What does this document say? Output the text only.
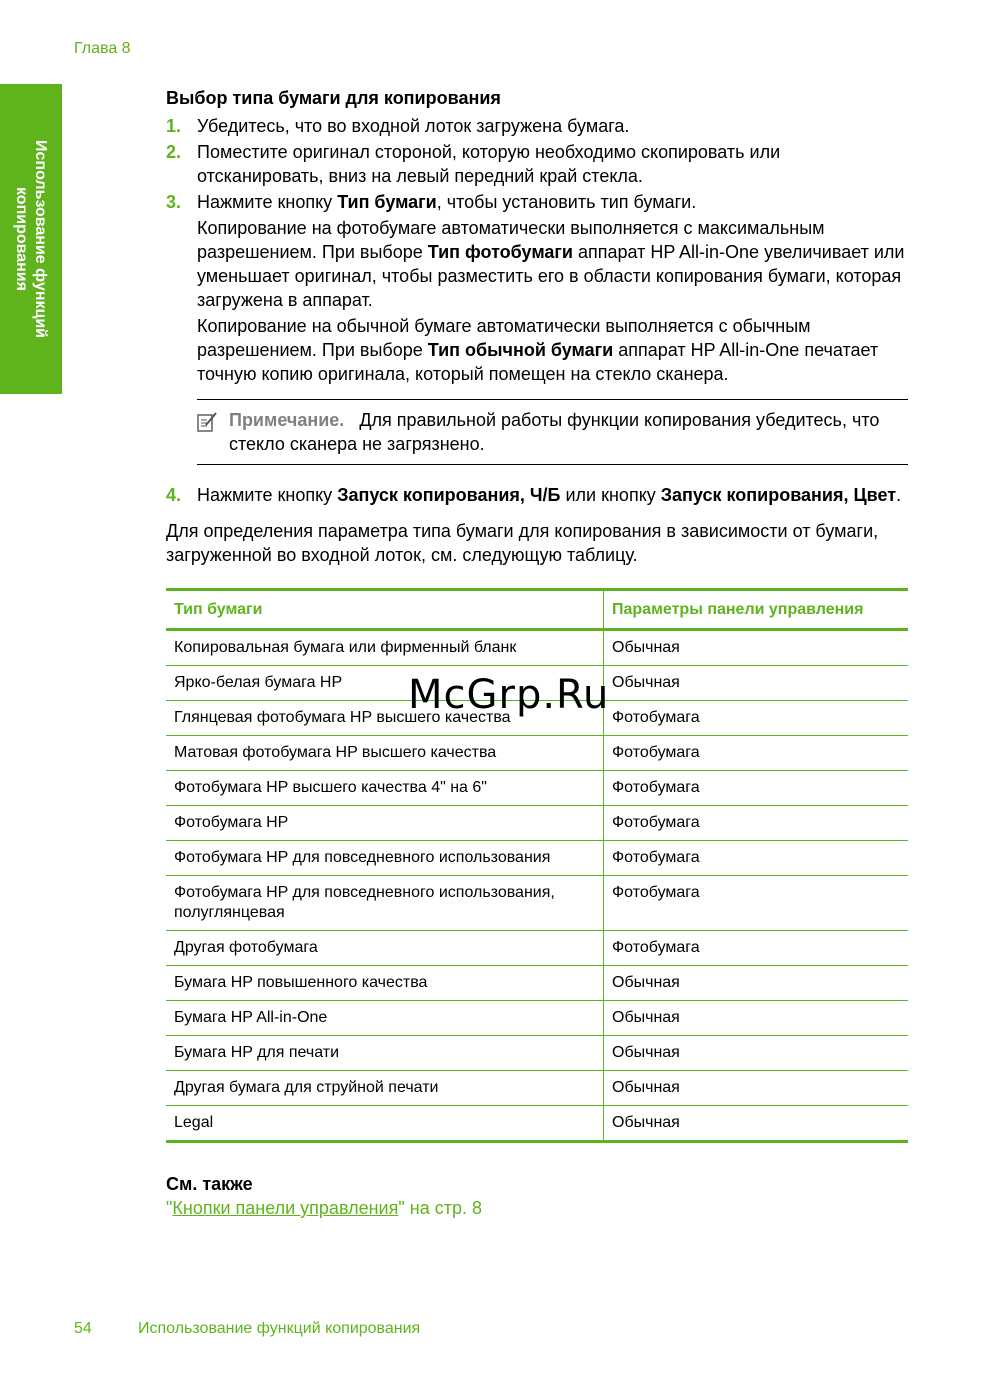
Глава 8
Использование функций
копирования
Выбор типа бумаги для копирования
1. Убедитесь, что во входной лоток загружена бумага.

2. Поместите оригинал стороной, которую необходимо скопировать или отсканировать, вниз на левый передний край стекла.

3. Нажмите кнопку Тип бумаги, чтобы установить тип бумаги.

Копирование на фотобумаге автоматически выполняется с максимальным разрешением. При выборе Тип фотобумаги аппарат HP All-in-One увеличивает или уменьшает оригинал, чтобы разместить его в области копирования бумаги, которая загружена в аппарат.

Копирование на обычной бумаге автоматически выполняется с обычным разрешением. При выборе Тип обычной бумаги аппарат HP All-in-One печатает точную копию оригинала, который помещен на стекло сканера.

Примечание. Для правильной работы функции копирования убедитесь, что стекло сканера не загрязнено.
4. Нажмите кнопку Запуск копирования, Ч/Б или кнопку Запуск копирования, Цвет.

Для определения параметра типа бумаги для копирования в зависимости от бумаги, загруженной во входной лоток, см. следующую таблицу.

Тип бумаги	Параметры панели управления
Копировальная бумага или фирменный бланк	Обычная
Ярко-белая бумага HP	Обычная
Глянцевая фотобумага HP высшего качества	Фотобумага
Матовая фотобумага HP высшего качества	Фотобумага
Фотобумага HP высшего качества 4" на 6"	Фотобумага
Фотобумага HP	Фотобумага
Фотобумага HP для повседневного использования	Фотобумага
Фотобумага HP для повседневного использования, полуглянцевая	Фотобумага
Другая фотобумага	Фотобумага
Бумага HP повышенного качества	Обычная
Бумага HP All-in-One	Обычная
Бумага HP для печати	Обычная
Другая бумага для струйной печати	Обычная
Legal	Обычная
См. также
"Кнопки панели управления" на стр. 8
McGrp.Ru
54	Использование функций копирования
